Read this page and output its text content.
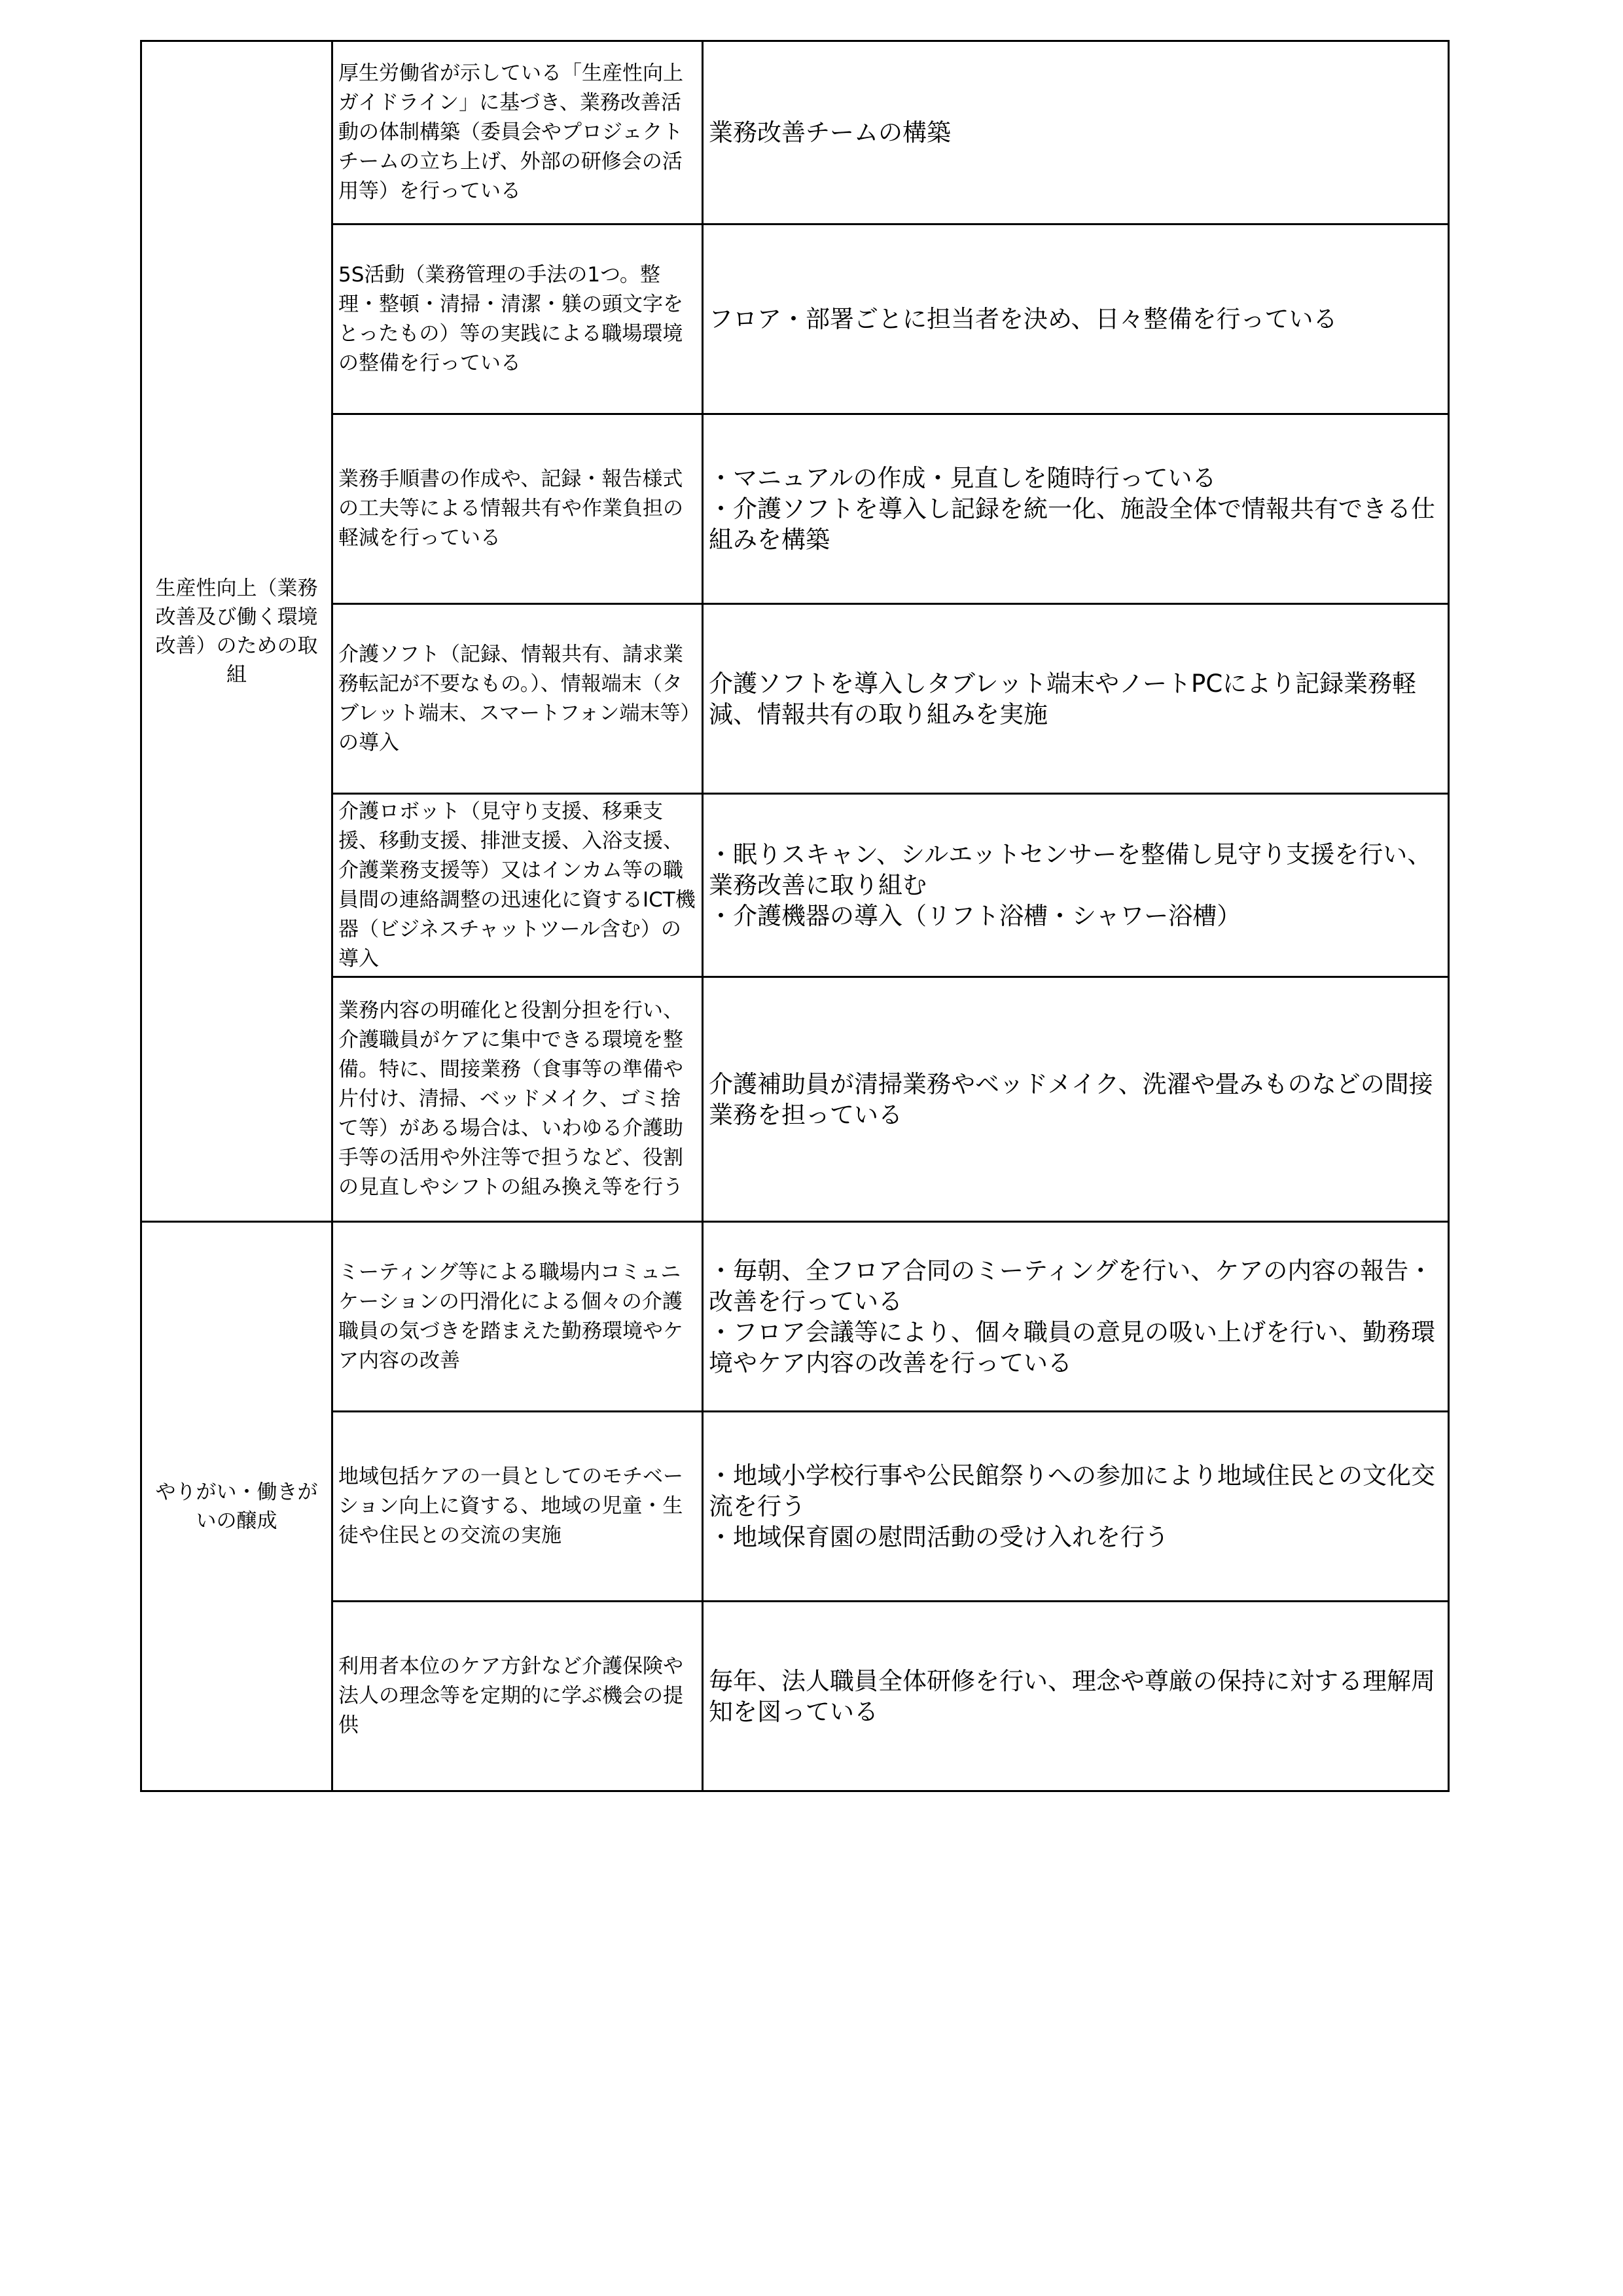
生産性向上（業務改善及び働く環境改善）のための取組	厚生労働省が示している「生産性向上ガイドライン」に基づき、業務改善活動の体制構築（委員会やプロジェクトチームの立ち上げ、外部の研修会の活用等）を行っている	業務改善チームの構築

	5S活動（業務管理の手法の1つ。整理・整頓・清掃・清潔・躾の頭文字をとったもの）等の実践による職場環境の整備を行っている	フロア・部署ごとに担当者を決め、日々整備を行っている

	業務手順書の作成や、記録・報告様式の工夫等による情報共有や作業負担の軽減を行っている	・マニュアルの作成・見直しを随時行っている
・介護ソフトを導入し記録を統一化、施設全体で情報共有できる仕組みを構築

	介護ソフト（記録、情報共有、請求業務転記が不要なもの。）、情報端末（タブレット端末、スマートフォン端末等）の導入	介護ソフトを導入しタブレット端末やノートPCにより記録業務軽減、情報共有の取り組みを実施

	介護ロボット（見守り支援、移乗支援、移動支援、排泄支援、入浴支援、介護業務支援等）又はインカム等の職員間の連絡調整の迅速化に資するICT機器（ビジネスチャットツール含む）の導入	・眠りスキャン、シルエットセンサーを整備し見守り支援を行い、業務改善に取り組む
・介護機器の導入（リフト浴槽・シャワー浴槽）

	業務内容の明確化と役割分担を行い、介護職員がケアに集中できる環境を整備。特に、間接業務（食事等の準備や片付け、清掃、ベッドメイク、ゴミ捨て等）がある場合は、いわゆる介護助手等の活用や外注等で担うなど、役割の見直しやシフトの組み換え等を行う	介護補助員が清掃業務やベッドメイク、洗濯や畳みものなどの間接業務を担っている

やりがい・働きがいの醸成	ミーティング等による職場内コミュニケーションの円滑化による個々の介護職員の気づきを踏まえた勤務環境やケア内容の改善	・毎朝、全フロア合同のミーティングを行い、ケアの内容の報告・改善を行っている
・フロア会議等により、個々職員の意見の吸い上げを行い、勤務環境やケア内容の改善を行っている

	地域包括ケアの一員としてのモチベーション向上に資する、地域の児童・生徒や住民との交流の実施	・地域小学校行事や公民館祭りへの参加により地域住民との文化交流を行う
・地域保育園の慰問活動の受け入れを行う

	利用者本位のケア方針など介護保険や法人の理念等を定期的に学ぶ機会の提供	毎年、法人職員全体研修を行い、理念や尊厳の保持に対する理解周知を図っている
